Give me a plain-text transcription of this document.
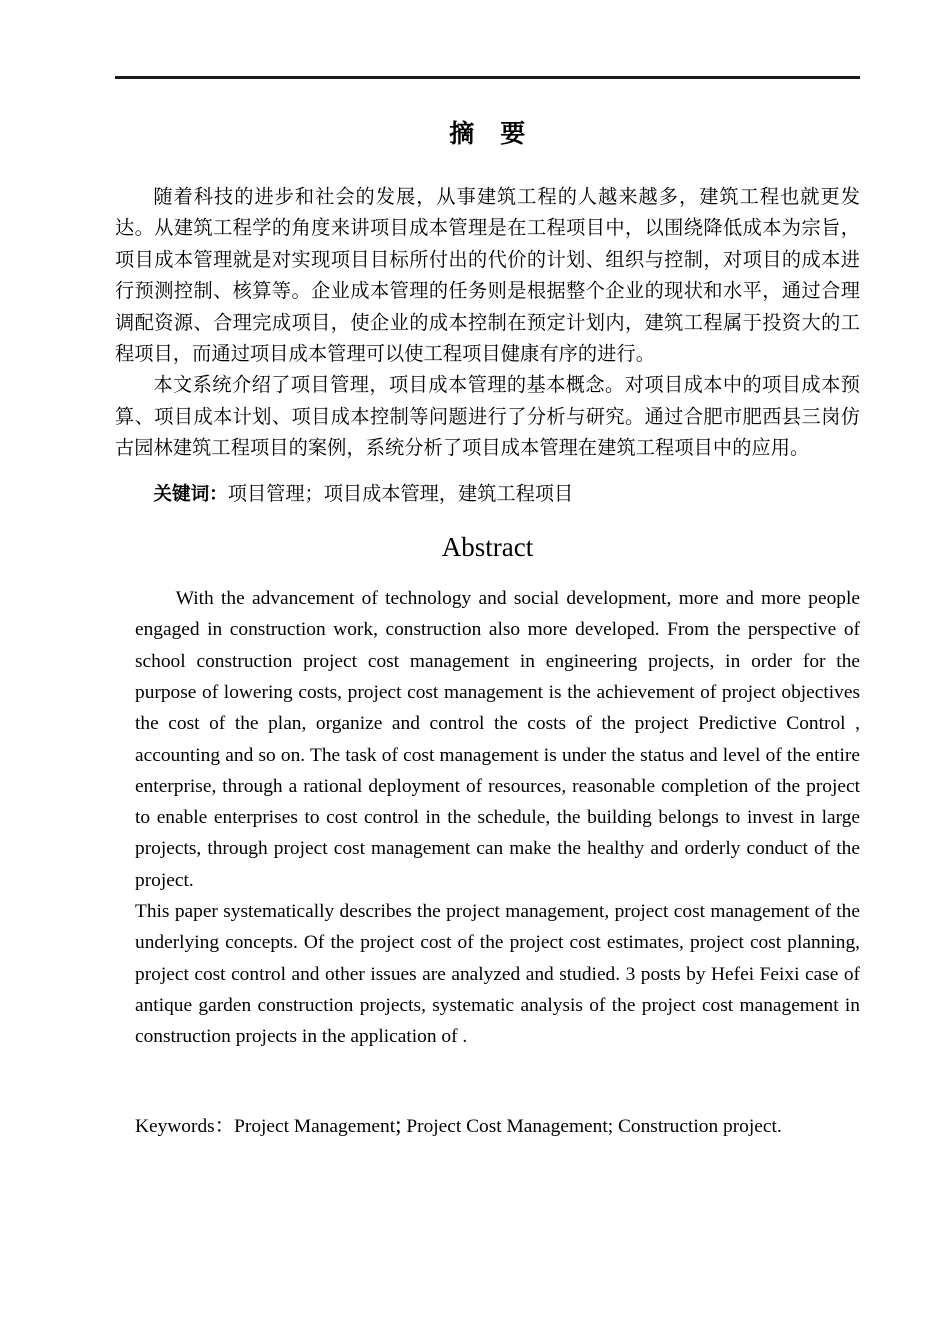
摘　要

随着科技的进步和社会的发展，从事建筑工程的人越来越多，建筑工程也就更发达。从建筑工程学的角度来讲项目成本管理是在工程项目中，以围绕降低成本为宗旨，项目成本管理就是对实现项目目标所付出的代价的计划、组织与控制，对项目的成本进行预测控制、核算等。企业成本管理的任务则是根据整个企业的现状和水平，通过合理调配资源、合理完成项目，使企业的成本控制在预定计划内，建筑工程属于投资大的工程项目，而通过项目成本管理可以使工程项目健康有序的进行。

本文系统介绍了项目管理，项目成本管理的基本概念。对项目成本中的项目成本预算、项目成本计划、项目成本控制等问题进行了分析与研究。通过合肥市肥西县三岗仿古园林建筑工程项目的案例，系统分析了项目成本管理在建筑工程项目中的应用。

关键词：项目管理；项目成本管理，建筑工程项目

Abstract

With the advancement of technology and social development, more and more people engaged in construction work, construction also more developed. From the perspective of school construction project cost management in engineering projects, in order for the purpose of lowering costs, project cost management is the achievement of project objectives the cost of the plan, organize and control the costs of the project Predictive Control , accounting and so on. The task of cost management is under the status and level of the entire enterprise, through a rational deployment of resources, reasonable completion of the project to enable enterprises to cost control in the schedule, the building belongs to invest in large projects, through project cost management can make the healthy and orderly conduct of the project.

This paper systematically describes the project management, project cost management of the underlying concepts. Of the project cost of the project cost estimates, project cost planning, project cost control and other issues are analyzed and studied. 3 posts by Hefei Feixi case of antique garden construction projects, systematic analysis of the project cost management in construction projects in the application of .

Keywords：Project Management; Project Cost Management; Construction project.
